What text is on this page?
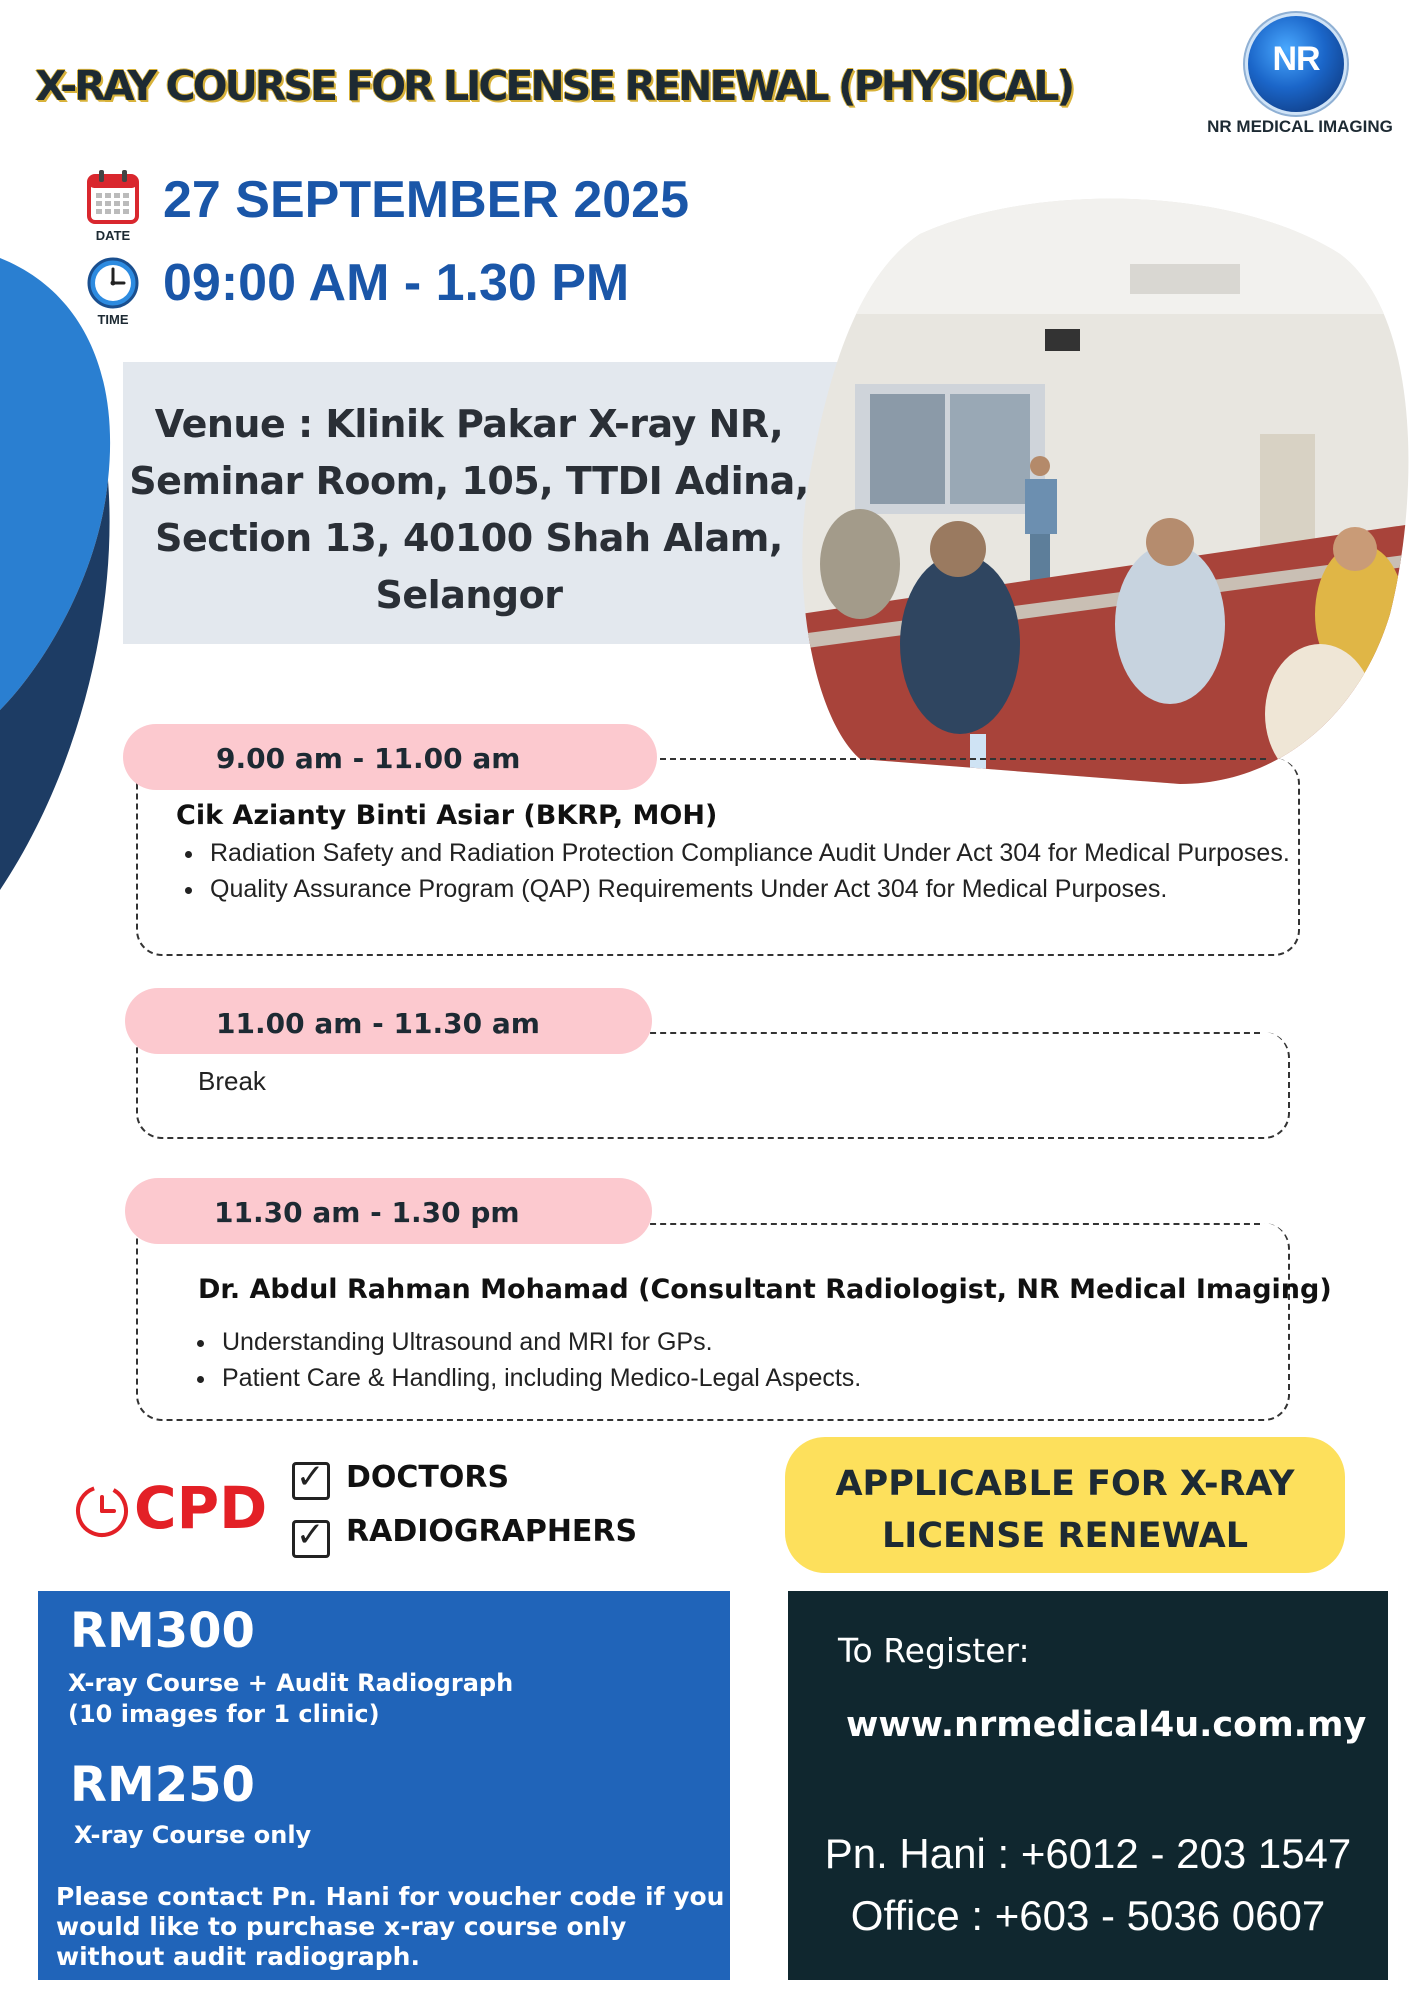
X-RAY COURSE FOR LICENSE RENEWAL (PHYSICAL)
NR
NR MEDICAL IMAGING
DATE
27 SEPTEMBER 2025
TIME
09:00 AM - 1.30 PM
Venue : Klinik Pakar X-ray NR, Seminar Room, 105, TTDI Adina, Section 13, 40100 Shah Alam, Selangor
9.00 am - 11.00 am
Cik Azianty Binti Asiar (BKRP, MOH)
• Radiation Safety and Radiation Protection Compliance Audit Under Act 304 for Medical Purposes.
• Quality Assurance Program (QAP) Requirements Under Act 304 for Medical Purposes.
11.00 am - 11.30 am
Break
11.30 am - 1.30 pm
Dr. Abdul Rahman Mohamad (Consultant Radiologist, NR Medical Imaging)
• Understanding Ultrasound and MRI for GPs.
• Patient Care & Handling, including Medico-Legal Aspects.
CPD ✓ DOCTORS
✓ RADIOGRAPHERS
APPLICABLE FOR X-RAY LICENSE RENEWAL
RM300
X-ray Course + Audit Radiograph
(10 images for 1 clinic)
RM250
X-ray Course only
Please contact Pn. Hani for voucher code if you would like to purchase x-ray course only without audit radiograph.
To Register:
www.nrmedical4u.com.my
Pn. Hani : +6012 - 203 1547
Office : +603 - 5036 0607
